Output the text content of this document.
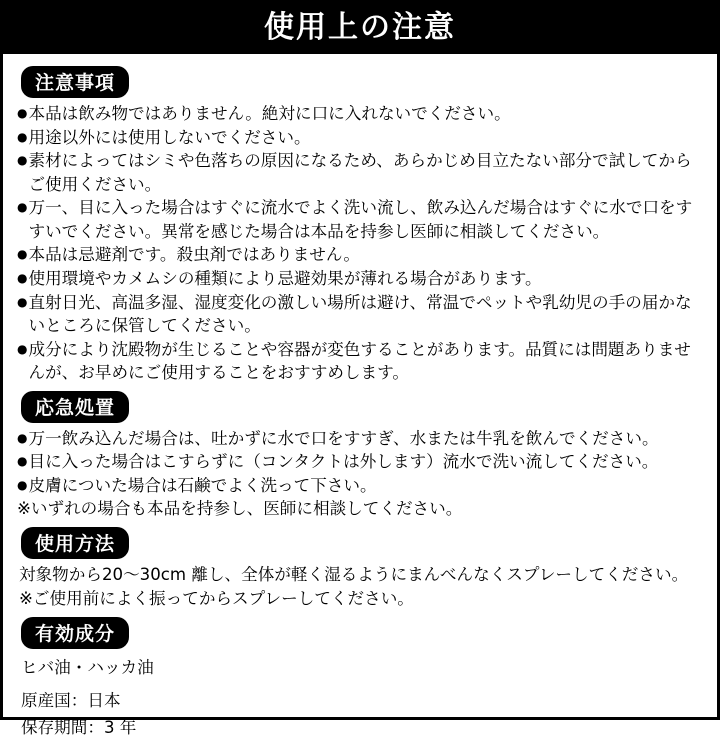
使用上の注意
注意事項
● 本品は飲み物ではありません。絶対に口に入れないでください。
● 用途以外には使用しないでください。
● 素材によってはシミや色落ちの原因になるため、あらかじめ目立たない部分で試してからご使用ください。
● 万一、目に入った場合はすぐに流水でよく洗い流し、飲み込んだ場合はすぐに水で口をすすいでください。異常を感じた場合は本品を持参し医師に相談してください。
● 本品は忌避剤です。殺虫剤ではありません。
● 使用環境やカメムシの種類により忌避効果が薄れる場合があります。
● 直射日光、高温多湿、湿度変化の激しい場所は避け、常温でペットや乳幼児の手の届かないところに保管してください。
● 成分により沈殿物が生じることや容器が変色することがあります。品質には問題ありませんが、お早めにご使用することをおすすめします。
応急処置
● 万一飲み込んだ場合は、吐かずに水で口をすすぎ、水または牛乳を飲んでください。
● 目に入った場合はこすらずに（コンタクトは外します）流水で洗い流してください。
● 皮膚についた場合は石鹸でよく洗って下さい。
※いずれの場合も本品を持参し、医師に相談してください。
使用方法
対象物から20〜30cm 離し、全体が軽く湿るようにまんべんなくスプレーしてください。
※ご使用前によく振ってからスプレーしてください。
有効成分
ヒバ油・ハッカ油
原産国：日本
保存期間：3 年
